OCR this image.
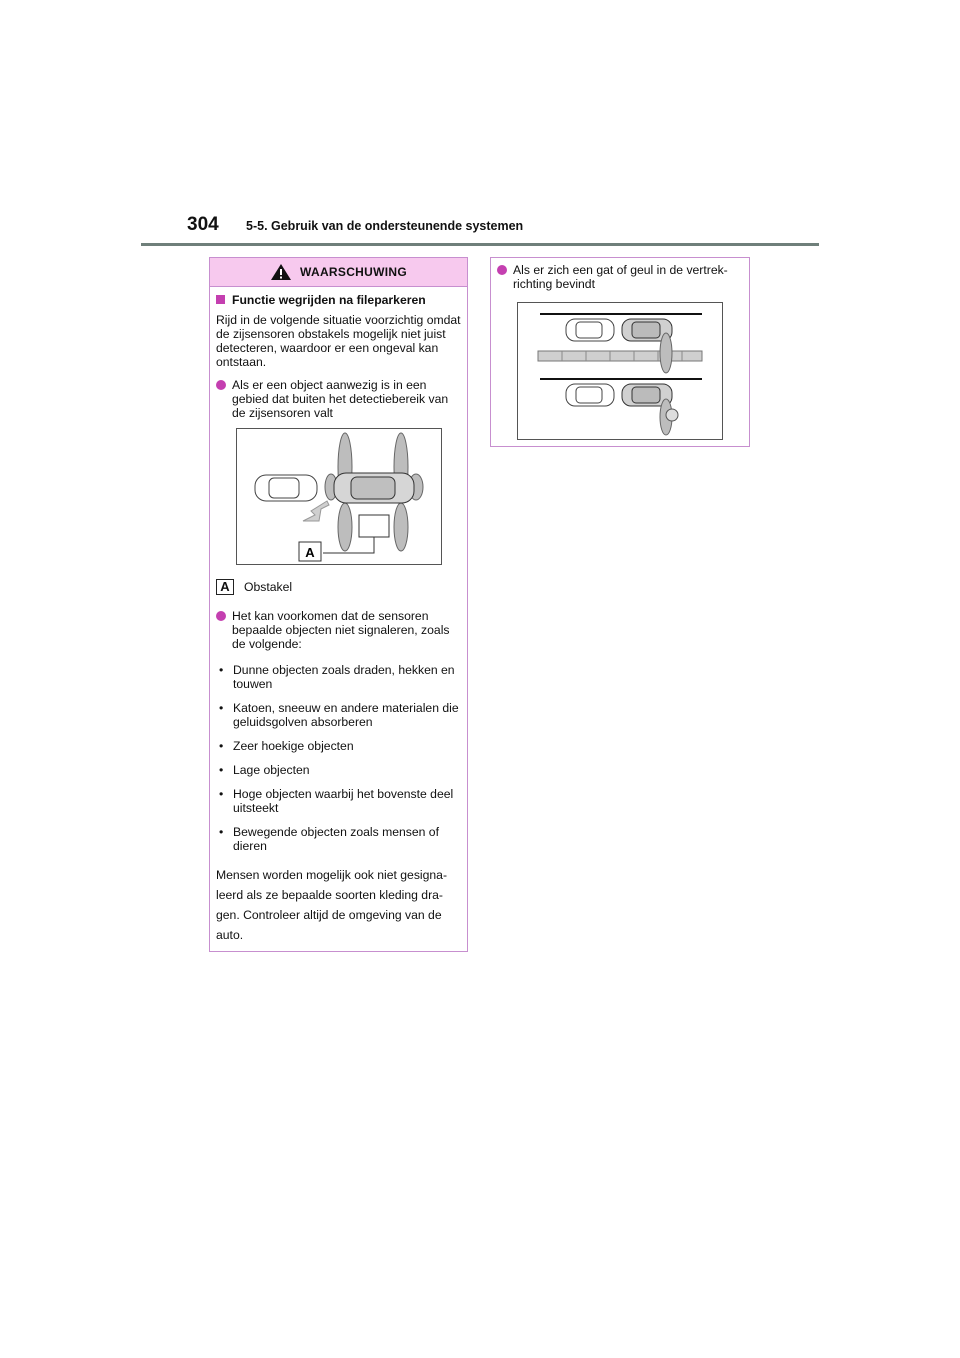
304 5-5. Gebruik van de ondersteunende systemen
WAARSCHUWING
Functie wegrijden na fileparkeren

Rijd in de volgende situatie voorzichtig omdat de zijsensoren obstakels mogelijk niet juist detecteren, waardoor er een ongeval kan ontstaan.

Als er een object aanwezig is in een gebied dat buiten het detectiebereik van de zijsensoren valt
A
A	Obstakel
Het kan voorkomen dat de sensoren bepaalde objecten niet signaleren, zoals de volgende:
• Dunne objecten zoals draden, hekken en touwen
• Katoen, sneeuw en andere materialen die geluidsgolven absorberen
• Zeer hoekige objecten
• Lage objecten
• Hoge objecten waarbij het bovenste deel uitsteekt
• Bewegende objecten zoals mensen of dieren

Mensen worden mogelijk ook niet gesigna-leerd als ze bepaalde soorten kleding dra-gen. Controleer altijd de omgeving van de auto.

Als er zich een gat of geul in de vertrek-richting bevindt
